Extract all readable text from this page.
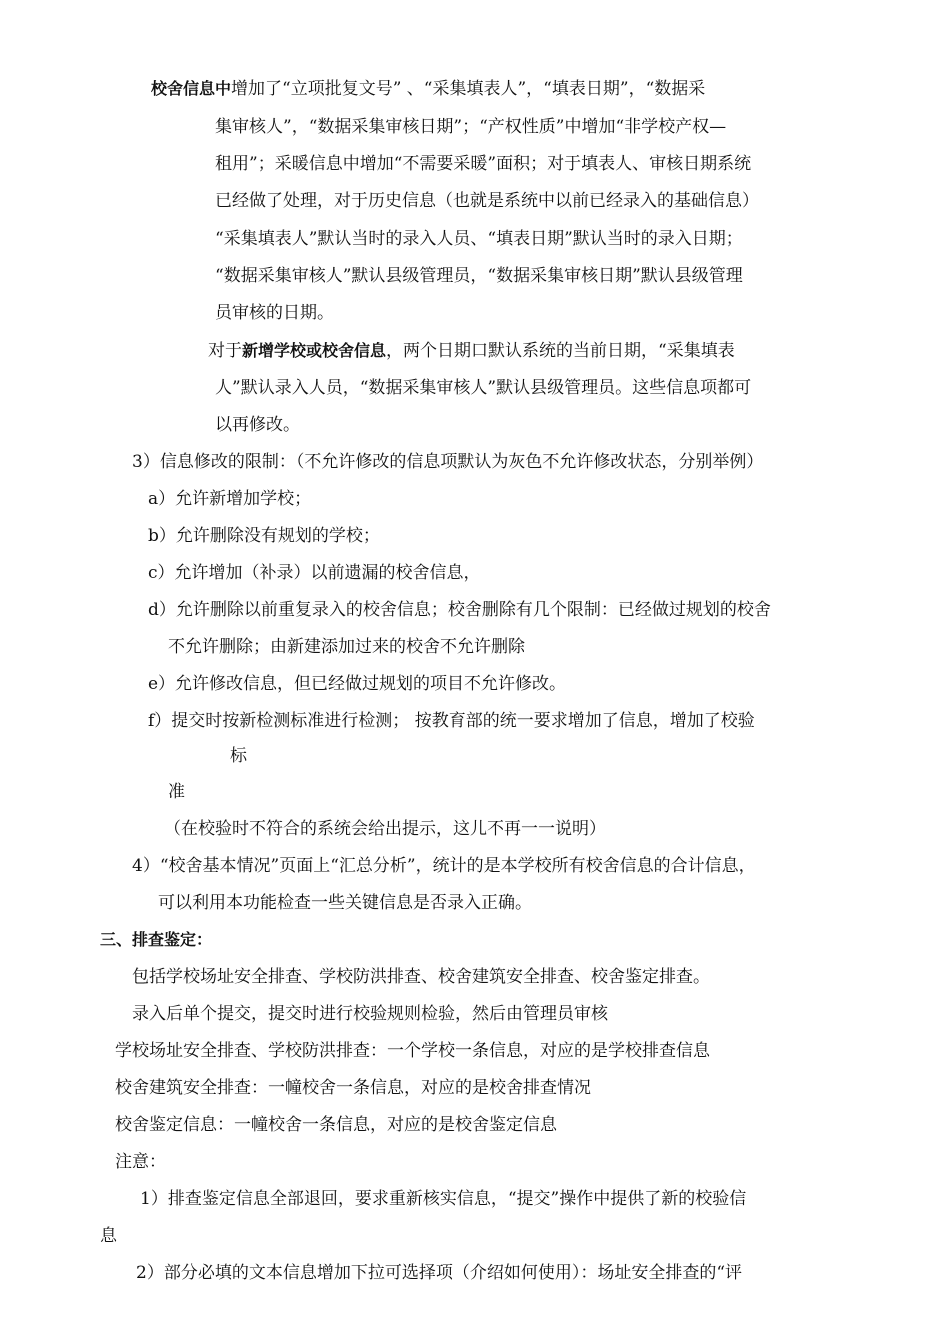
校舍信息中增加了“立项批复文号” 、“采集填表人”，“填表日期”，“数据采
集审核人”，“数据采集审核日期”；“产权性质”中增加“非学校产权—
租用”；采暖信息中增加“不需要采暖”面积；对于填表人、审核日期系统
已经做了处理，对于历史信息（也就是系统中以前已经录入的基础信息）
“采集填表人”默认当时的录入人员、“填表日期”默认当时的录入日期；
“数据采集审核人”默认县级管理员，“数据采集审核日期”默认县级管理
员审核的日期。
对于新增学校或校舍信息，两个日期口默认系统的当前日期，“采集填表
人”默认录入人员，“数据采集审核人”默认县级管理员。这些信息项都可
以再修改。
3）信息修改的限制：（不允许修改的信息项默认为灰色不允许修改状态，分别举例）
a）允许新增加学校；
b）允许删除没有规划的学校；
c）允许增加（补录）以前遗漏的校舍信息，
d）允许删除以前重复录入的校舍信息；校舍删除有几个限制：已经做过规划的校舍
不允许删除；由新建添加过来的校舍不允许删除
e）允许修改信息，但已经做过规划的项目不允许修改。
f）提交时按新检测标准进行检测； 按教育部的统一要求增加了信息，增加了校验
标
准
（在校验时不符合的系统会给出提示，这儿不再一一说明）
4）“校舍基本情况”页面上“汇总分析”，统计的是本学校所有校舍信息的合计信息，
可以利用本功能检查一些关键信息是否录入正确。
三、排查鉴定：
包括学校场址安全排查、学校防洪排查、校舍建筑安全排查、校舍鉴定排查。
录入后单个提交，提交时进行校验规则检验，然后由管理员审核
学校场址安全排查、学校防洪排查：一个学校一条信息，对应的是学校排查信息
校舍建筑安全排查：一幢校舍一条信息，对应的是校舍排查情况
校舍鉴定信息：一幢校舍一条信息，对应的是校舍鉴定信息
注意：
1）排查鉴定信息全部退回，要求重新核实信息，“提交”操作中提供了新的校验信
息
2）部分必填的文本信息增加下拉可选择项（介绍如何使用）：场址安全排查的“评
